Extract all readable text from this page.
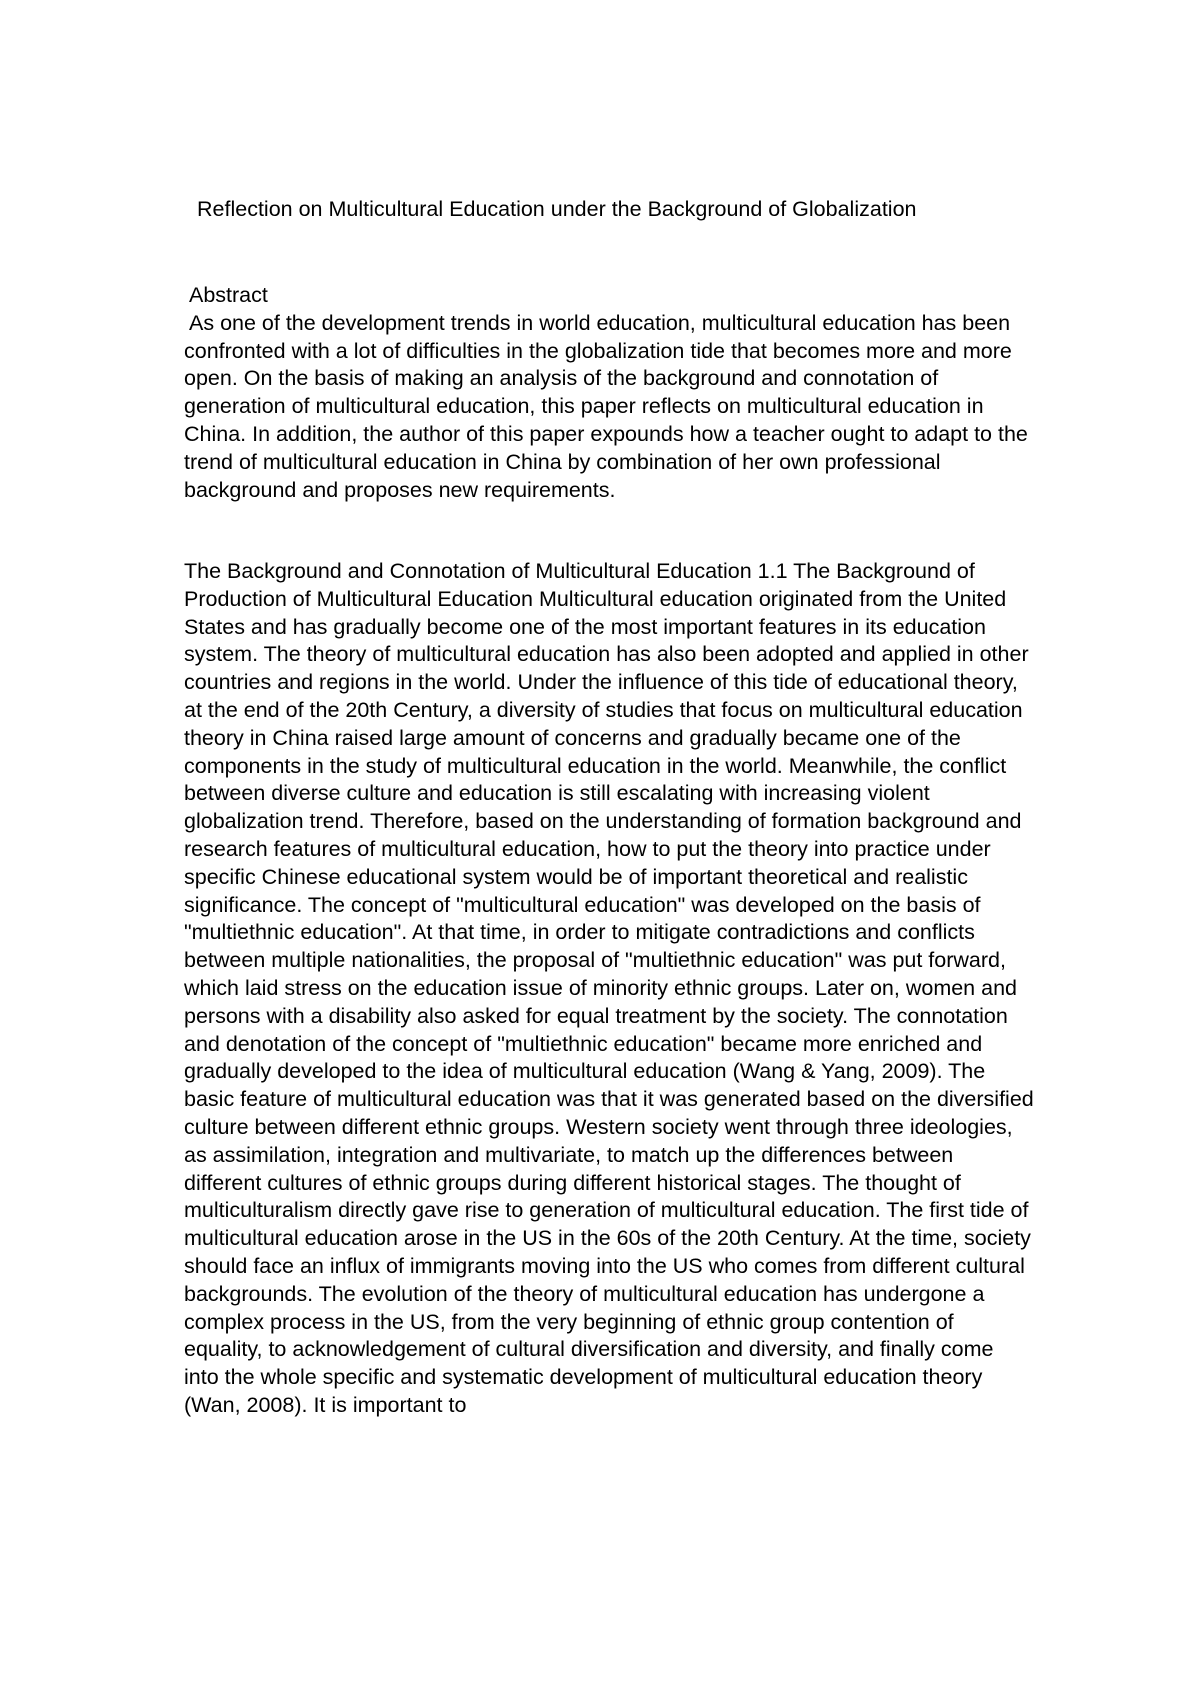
Reflection on Multicultural Education under the Background of Globalization
Abstract

As one of the development trends in world education, multicultural education has been confronted with a lot of difficulties in the globalization tide that becomes more and more open. On the basis of making an analysis of the background and connotation of generation of multicultural education, this paper reflects on multicultural education in China. In addition, the author of this paper expounds how a teacher ought to adapt to the trend of multicultural education in China by combination of her own professional background and proposes new requirements.

The Background and Connotation of Multicultural Education 1.1 The Background of Production of Multicultural Education Multicultural education originated from the United States and has gradually become one of the most important features in its education system. The theory of multicultural education has also been adopted and applied in other countries and regions in the world. Under the influence of this tide of educational theory, at the end of the 20th Century, a diversity of studies that focus on multicultural education theory in China raised large amount of concerns and gradually became one of the components in the study of multicultural education in the world. Meanwhile, the conflict between diverse culture and education is still escalating with increasing violent globalization trend. Therefore, based on the understanding of formation background and research features of multicultural education, how to put the theory into practice under specific Chinese educational system would be of important theoretical and realistic significance. The concept of "multicultural education" was developed on the basis of "multiethnic education". At that time, in order to mitigate contradictions and conflicts between multiple nationalities, the proposal of "multiethnic education" was put forward, which laid stress on the education issue of minority ethnic groups. Later on, women and persons with a disability also asked for equal treatment by the society. The connotation and denotation of the concept of "multiethnic education" became more enriched and gradually developed to the idea of multicultural education (Wang & Yang, 2009). The basic feature of multicultural education was that it was generated based on the diversified culture between different ethnic groups. Western society went through three ideologies, as assimilation, integration and multivariate, to match up the differences between different cultures of ethnic groups during different historical stages. The thought of multiculturalism directly gave rise to generation of multicultural education. The first tide of multicultural education arose in the US in the 60s of the 20th Century. At the time, society should face an influx of immigrants moving into the US who comes from different cultural backgrounds. The evolution of the theory of multicultural education has undergone a complex process in the US, from the very beginning of ethnic group contention of equality, to acknowledgement of cultural diversification and diversity, and finally come into the whole specific and systematic development of multicultural education theory (Wan, 2008). It is important to
